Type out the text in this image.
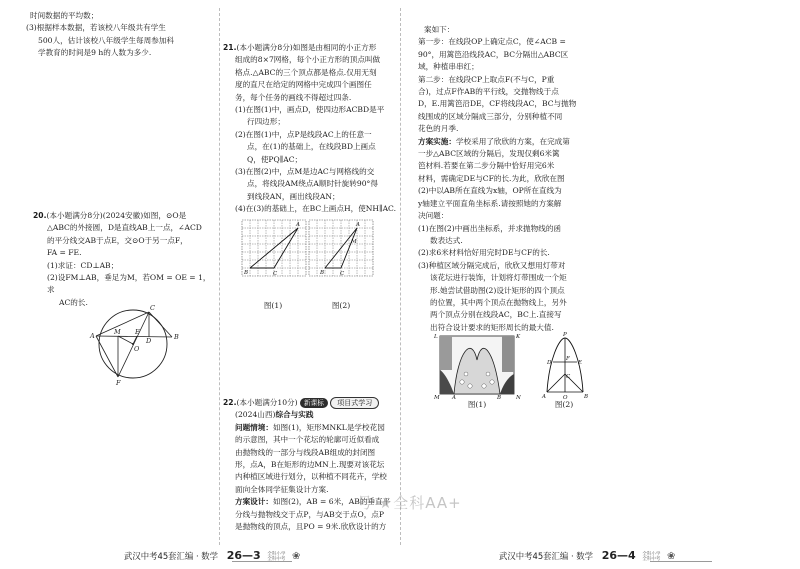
时间数据的平均数；

(3)根据样本数据，若该校八年级共有学生

500人，估计该校八年级学生每周参加科

学教育的时间是9 h的人数为多少.

20.(本小题满分8分)(2024安徽)如图，⊙O是

△ABC的外接圆，D是直线AB上一点，∠ACD

的平分线交AB于点E，交⊙O于另一点F，

FA = FE.

(1)求证：CD⊥AB；

(2)设FM⊥AB，垂足为M，若OM = OE = 1，求

AC的长.

C
O
A	M E
D	B
F

21.(本小题满分8分)如图是由相同的小正方形

组成的8×7网格，每个小正方形的顶点叫做

格点.△ABC的三个顶点都是格点.仅用无刻

度的直尺在给定的网格中完成四个画图任

务，每个任务的画线不得超过四条.

(1)在图(1)中，画点D，使四边形ACBD是平

行四边形；

(2)在图(1)中，点P是线段AC上的任意一

点，在(1)的基础上，在线段BD上画点

Q，使PQ∥AC；

(3)在图(2)中，点M是边AC与网格线的交

点，将线段AM绕点A顺时针旋转90°得

到线段AN，画出线段AN；

(4)在(3)的基础上，在BC上画点H，使NH∥AC.

A
B	C
图(1)
A
B	C
M
图(2)

22.(本小题满分10分) 新课标 项目式学习

(2024山西)综合与实践

问题情境：如图(1)，矩形MNKL是学校花园

的示意图，其中一个花坛的轮廓可近似看成

由抛物线的一部分与线段AB组成的封闭图

形，点A，B在矩形的边MN上.现要对该花坛

内种植区域进行划分，以种植不同花卉，学校

面向全体同学征集设计方案.

方案设计：如图(2)，AB = 6米，AB的垂直平

分线与抛物线交于点P，与AB交于点O，点P

是抛物线的顶点，且PO = 9米.欣欣设计的方

案如下：

第一步：在线段OP上确定点C，使∠ACB =

90°，用篱笆沿线段AC，BC分隔出△ABC区

域，种植串串红；

第二步：在线段CP上取点F(不与C，P重

合)，过点F作AB的平行线，交抛物线于点

D，E.用篱笆沿DE，CF将线段AC，BC与抛物

线围成的区域分隔成三部分，分别种植不同

花色的月季.

方案实施：学校采用了欣欣的方案，在完成第

一步△ABC区域的分隔后，发现仅剩6米篱

笆材料.若要在第二步分隔中恰好用完6米

材料，需确定DE与CF的长.为此，欣欣在图

(2)中以AB所在直线为x轴，OP所在直线为

y轴建立平面直角坐标系.请按照她的方案解

决问题：

(1)在图(2)中画出坐标系，并求抛物线的函

数表达式.

(2)求6米材料恰好用完时DE与CF的长.

(3)种植区域分隔完成后，欣欣又想用灯带对

该花坛进行装饰，计划将灯带围成一个矩

形.她尝试借助图(2)设计矩形的四个顶点

的位置，其中两个顶点在抛物线上，另外

两个顶点分别在线段AC，BC上.直接写

出符合设计要求的矩形周长的最大值.

L	K
M A	B	N
图(1)
P
F
C
D	E
A	O	B
图(2)
号 ★全科AA+
武汉中考45套汇编 · 数学 26—3 全科小学 全科中考 ❀	武汉中考45套汇编 · 数学 26—4 全科小学 全科中考 ❀
